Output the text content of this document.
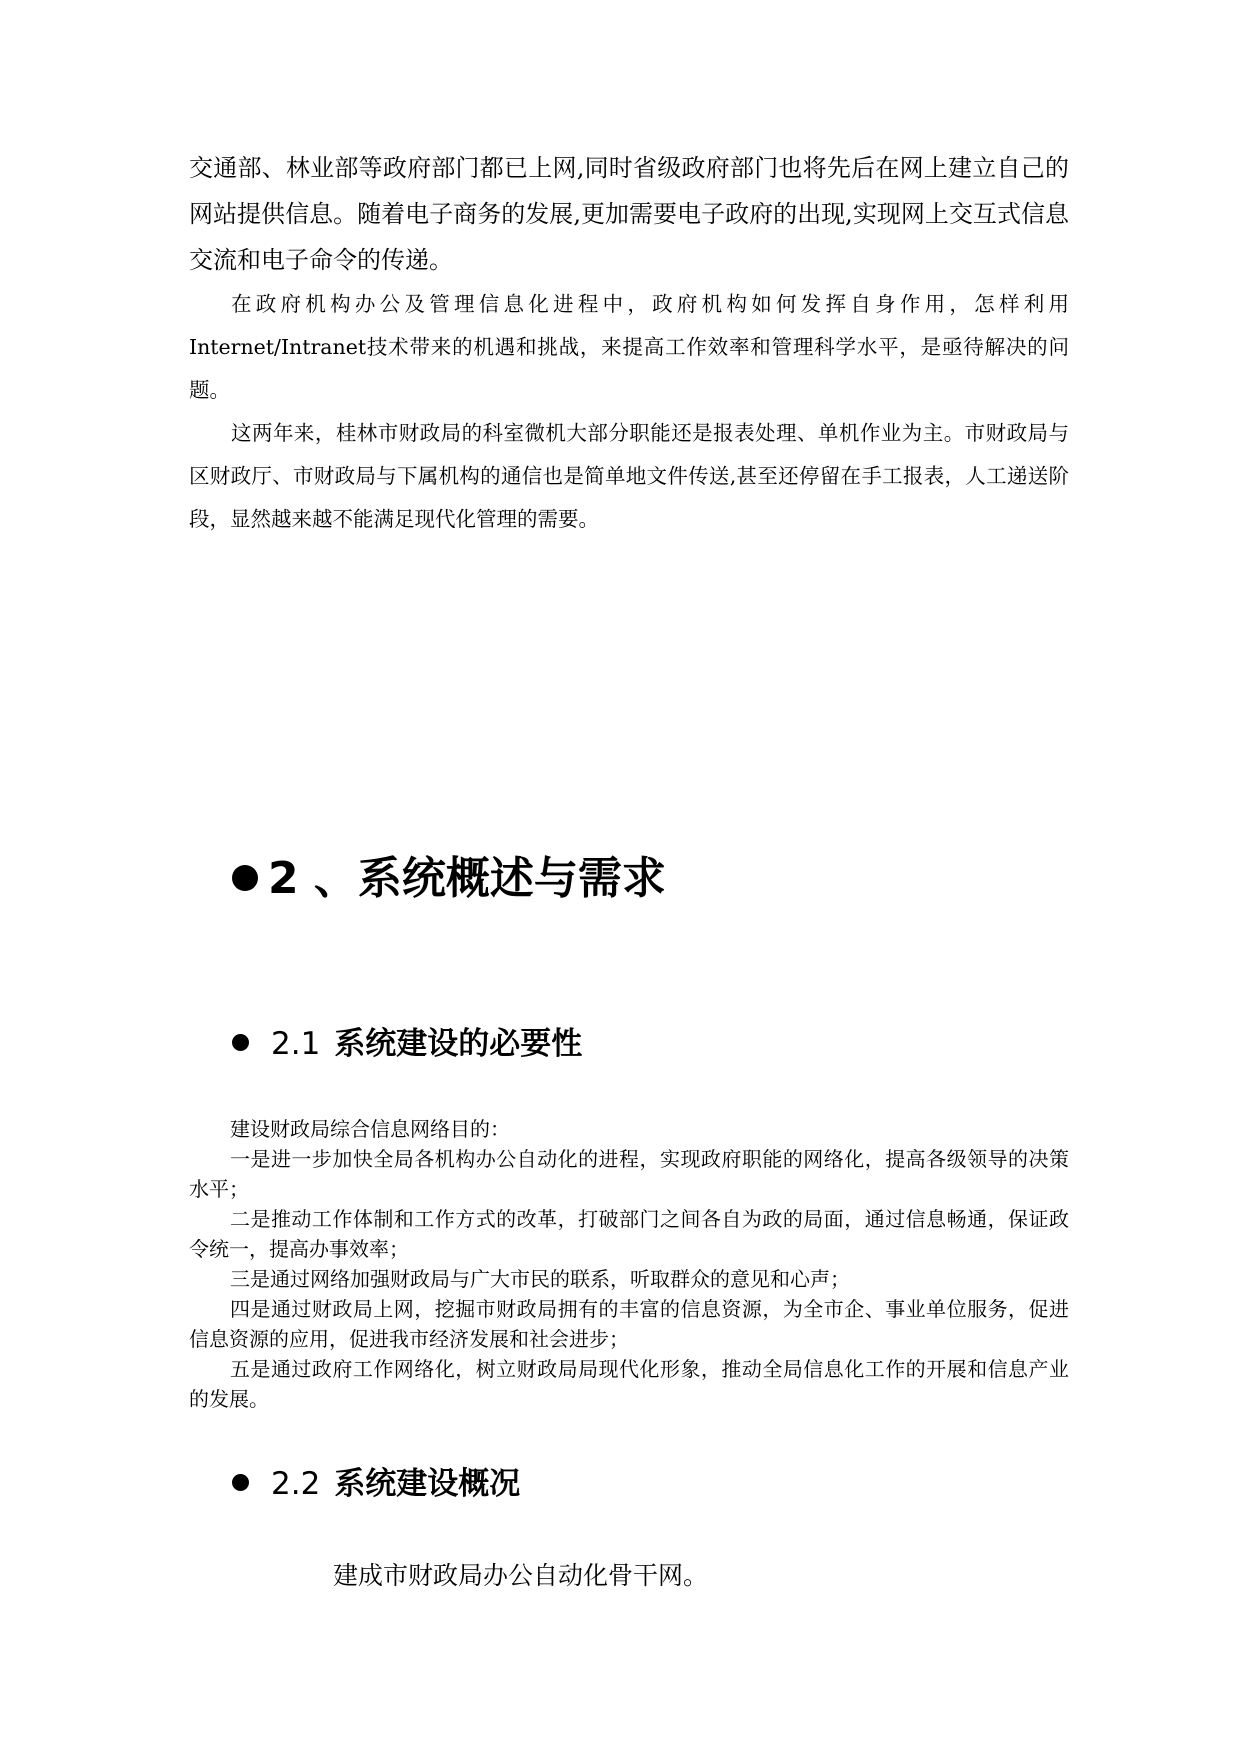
交通部、林业部等政府部门都已上网,同时省级政府部门也将先后在网上建立自己的网站提供信息。随着电子商务的发展,更加需要电子政府的出现,实现网上交互式信息交流和电子命令的传递。

在政府机构办公及管理信息化进程中，政府机构如何发挥自身作用，怎样利用Internet/Intranet技术带来的机遇和挑战，来提高工作效率和管理科学水平，是亟待解决的问题。

这两年来，桂林市财政局的科室微机大部分职能还是报表处理、单机作业为主。市财政局与区财政厅、市财政局与下属机构的通信也是简单地文件传送,甚至还停留在手工报表，人工递送阶段，显然越来越不能满足现代化管理的需要。

2 、系统概述与需求
2.1 系统建设的必要性

建设财政局综合信息网络目的：

一是进一步加快全局各机构办公自动化的进程，实现政府职能的网络化，提高各级领导的决策水平；

二是推动工作体制和工作方式的改革，打破部门之间各自为政的局面，通过信息畅通，保证政令统一，提高办事效率；

三是通过网络加强财政局与广大市民的联系，听取群众的意见和心声；

四是通过财政局上网，挖掘市财政局拥有的丰富的信息资源，为全市企、事业单位服务，促进信息资源的应用，促进我市经济发展和社会进步；

五是通过政府工作网络化，树立财政局局现代化形象，推动全局信息化工作的开展和信息产业的发展。

2.2 系统建设概况
建成市财政局办公自动化骨干网。
